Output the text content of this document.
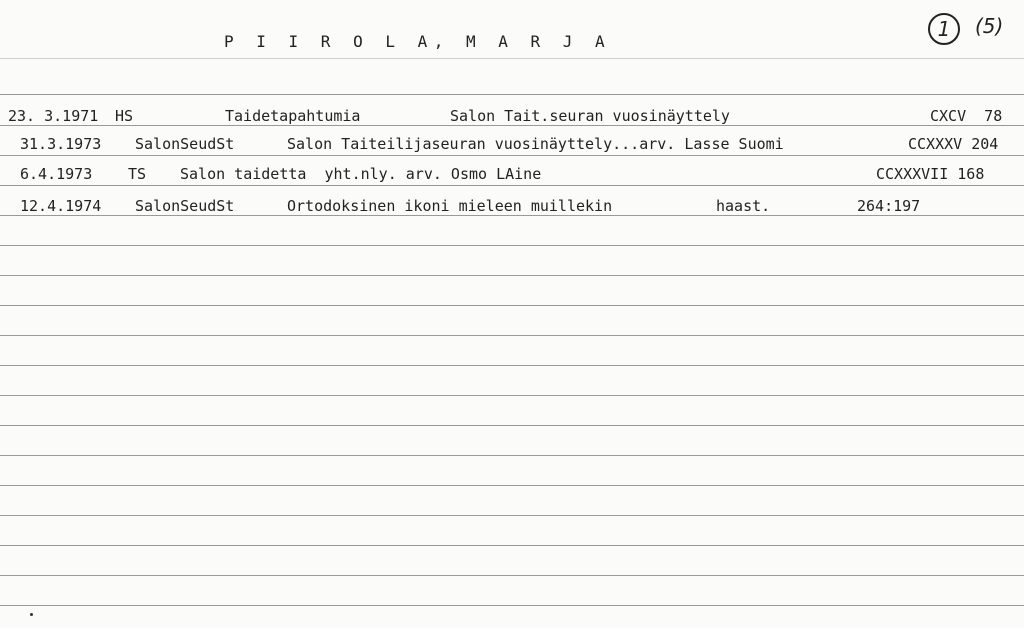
P I I R O L A, M A R J A
1 (5)
23. 3.1971 HS	Taidetapahtumia	Salon Tait.seuran vuosinäyttely	CXCV  78
31.3.1973 SalonSeudSt	Salon Taiteilijaseuran vuosinäyttely...arv. Lasse Suomi	CCXXXV 204
6.4.1973 TS Salon taidetta  yht.nly. arv. Osmo LAine	CCXXXVII 168
12.4.1974 SalonSeudSt	Ortodoksinen ikoni mieleen muillekin	haast.	264:197
